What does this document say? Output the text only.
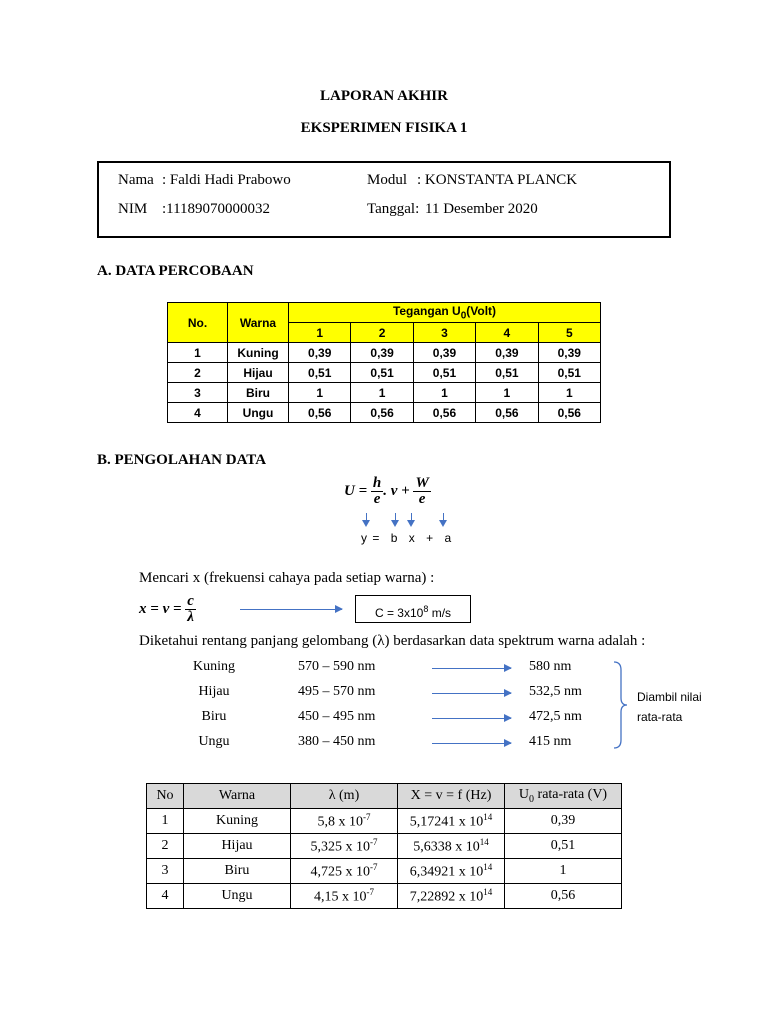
LAPORAN AKHIR
EKSPERIMEN FISIKA 1
Nama : Faldi Hadi Prabowo
NIM :11189070000032
Modul : KONSTANTA PLANCK
Tanggal: 11 Desember 2020
A. DATA PERCOBAAN
No.	Warna	Tegangan $U_0(Volt)$				
		1	2	3	4	5
1	Kuning	0,39	0,39	0,39	0,39	0,39
2	Hijau	0,51	0,51	0,51	0,51	0,51
3	Biru	1	1	1	1	1
4	Ungu	0,56	0,56	0,56	0,56	0,56
B. PENGOLAHAN DATA
$U = \frac{h}{e}$ . $v + \frac{W}{e}$
y = b x + a
Mencari x (frekuensi cahaya pada setiap warna) :
$x = v = \frac{c}{\lambda}$	$C = 3x10^8$ m/s
Diketahui rentang panjang gelombang (λ) berdasarkan data spektrum warna adalah :
Kuning	570 – 590 nm	580 nm
Hijau	495 – 570 nm	532,5 nm
Biru	450 – 495 nm	472,5 nm
Ungu	380 – 450 nm	415 nm
Diambil nilai
rata-rata
No	Warna	λ (m)	X = v = f (Hz)	$U_0$ rata-rata (V)
1	Kuning	5,8 x $10^{-7}$	5,17241 x $10^{14}$	0,39
2	Hijau	5,325 x $10^{-7}$	5,6338 x $10^{14}$	0,51
3	Biru	4,725 x $10^{-7}$	6,34921 x $10^{14}$	1
4	Ungu	4,15 x $10^{-7}$	7,22892 x $10^{14}$	0,56
